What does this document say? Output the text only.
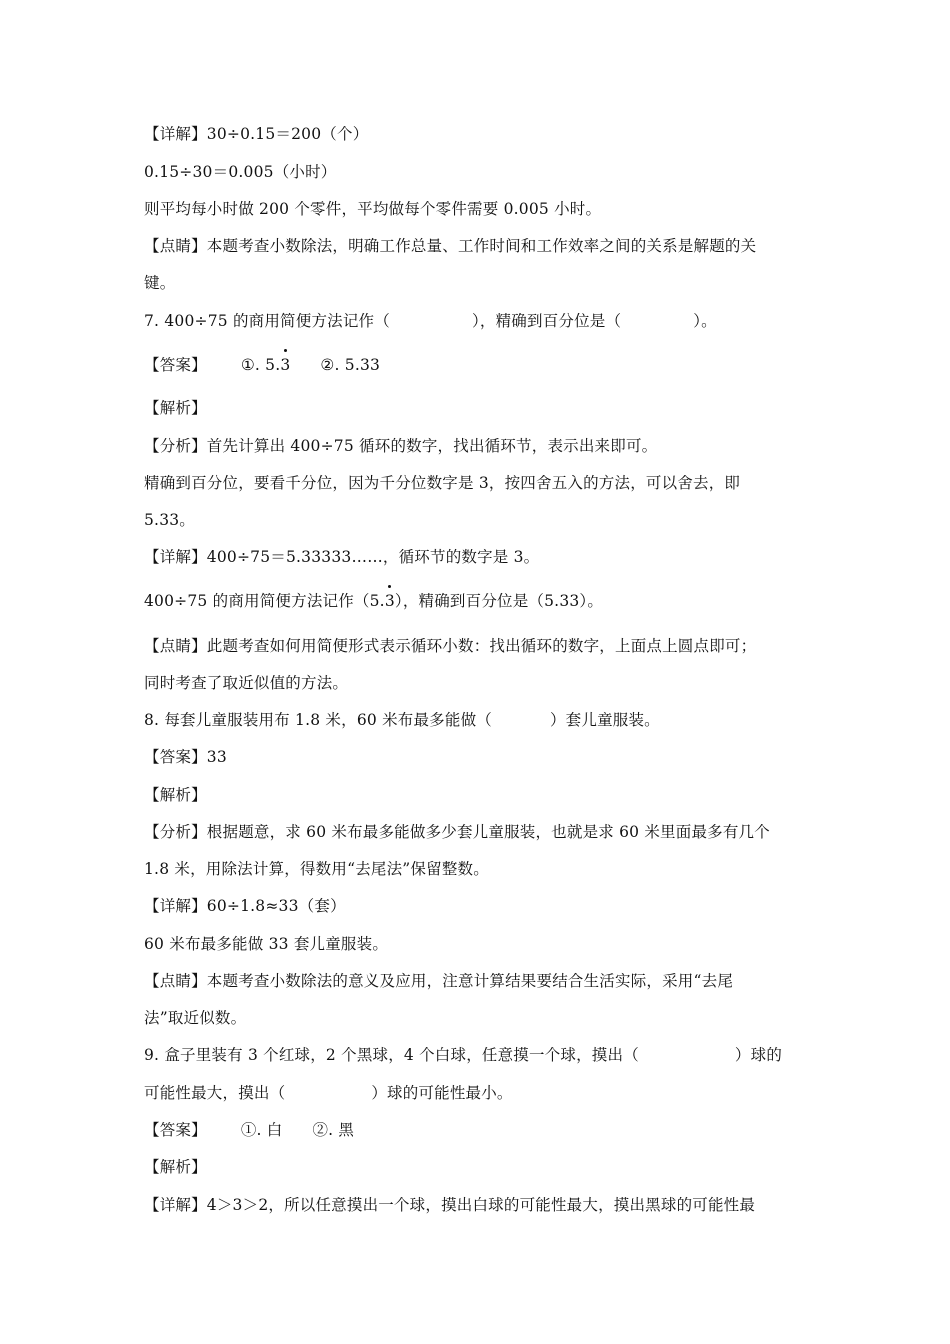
【详解】30÷0.15＝200（个）
0.15÷30＝0.005（小时）
则平均每小时做 200 个零件，平均做每个零件需要 0.005 小时。
【点睛】本题考查小数除法，明确工作总量、工作时间和工作效率之间的关系是解题的关
键。
7. 400÷75 的商用简便方法记作（	），精确到百分位是（	）。
【答案】 ①. 5.3 ②. 5.33
【解析】
【分析】首先计算出 400÷75 循环的数字，找出循环节，表示出来即可。
精确到百分位，要看千分位，因为千分位数字是 3，按四舍五入的方法，可以舍去，即
5.33。
【详解】400÷75＝5.33333……，循环节的数字是 3。
400÷75 的商用简便方法记作（5.3
），精确到百分位是（5.33）。
【点睛】此题考查如何用简便形式表示循环小数：找出循环的数字，上面点上圆点即可；
同时考查了取近似值的方法。
8. 每套儿童服装用布 1.8 米，60 米布最多能做（	）套儿童服装。
【答案】33
【解析】
【分析】根据题意，求 60 米布最多能做多少套儿童服装，也就是求 60 米里面最多有几个
1.8 米，用除法计算，得数用“去尾法”保留整数。
【详解】60÷1.8≈33（套）
60 米布最多能做 33 套儿童服装。
【点睛】本题考查小数除法的意义及应用，注意计算结果要结合生活实际，采用“去尾
法”取近似数。
9. 盒子里装有 3 个红球，2 个黑球，4 个白球，任意摸一个球，摸出（	）球的
可能性最大，摸出（	）球的可能性最小。
【答案】 ①. 白 ②. 黑
【解析】
【详解】4＞3＞2，所以任意摸出一个球，摸出白球的可能性最大，摸出黑球的可能性最
